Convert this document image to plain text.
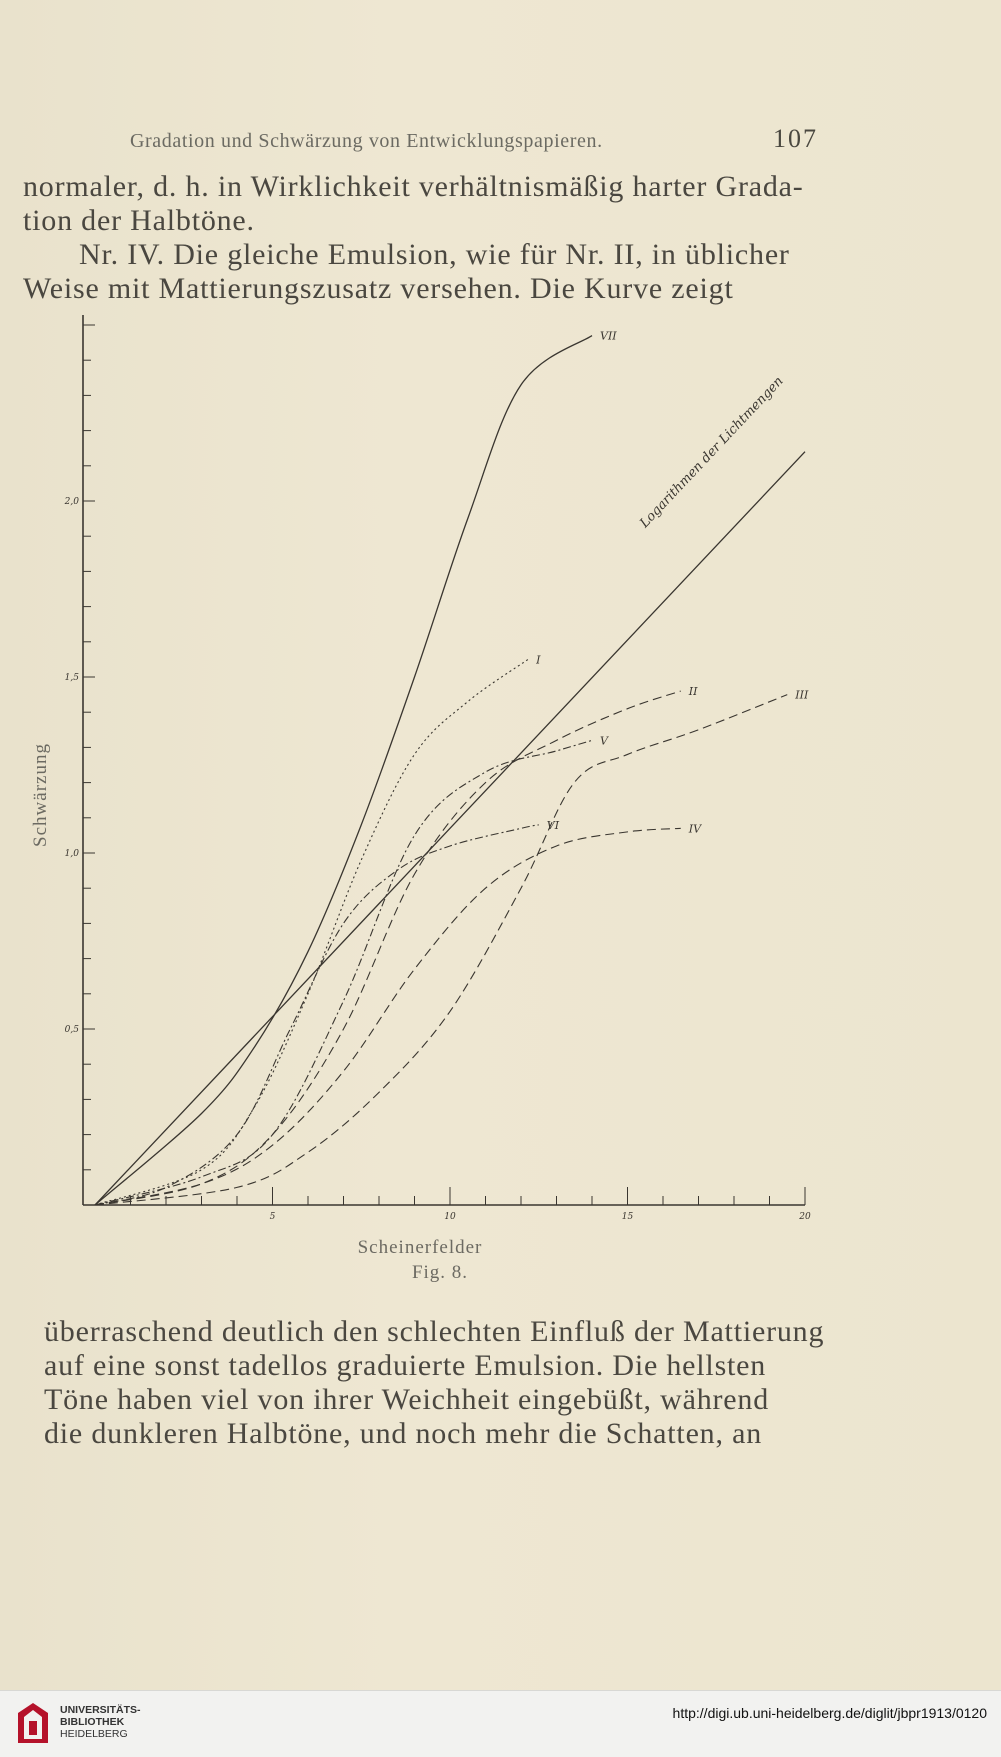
Gradation und Schwärzung von Entwicklungspapieren.	107

normaler, d. h. in Wirklichkeit verhältnismäßig harter Grada-

tion der Halbtöne.

Nr. IV. Die gleiche Emulsion, wie für Nr. II, in üblicher

Weise mit Mattierungszusatz versehen. Die Kurve zeigt

0,5
1,0
1,5
2,0
5	10	15	20
Scheinerfelder
Schwärzung
VII
Logarithmen der Lichtmengen
I
II	III
IV
V
VI
Fig. 8.

überraschend deutlich den schlechten Einfluß der Mattierung

auf eine sonst tadellos graduierte Emulsion. Die hellsten

Töne haben viel von ihrer Weichheit eingebüßt, während

die dunkleren Halbtöne, und noch mehr die Schatten, an

UNIVERSITÄTS-
BIBLIOTHEK
HEIDELBERG
http://digi.ub.uni-heidelberg.de/diglit/jbpr1913/0120
